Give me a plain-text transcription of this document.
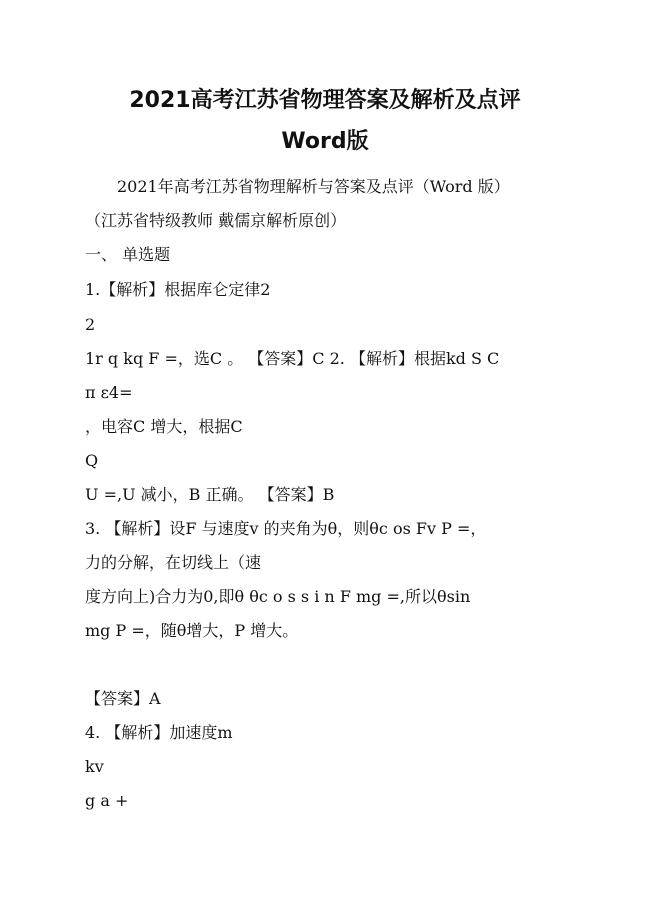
2021高考江苏省物理答案及解析及点评
Word版
2021年高考江苏省物理解析与答案及点评（Word 版）
（江苏省特级教师 戴儒京解析原创）
一、 单选题
1.【解析】根据库仑定律2
2
1r q kq F =，选C 。 【答案】C 2. 【解析】根据kd S C
π ε4=
，电容C 增大，根据C
Q
U =,U 减小，B 正确。 【答案】B
3. 【解析】设F 与速度v 的夹角为θ，则θc os Fv P =，
力的分解，在切线上（速
度方向上)合力为0,即θ θc o s s i n F mg =,所以θsin
mg P =，随θ增大，P 增大。
【答案】A
4. 【解析】加速度m
kv
g a +
